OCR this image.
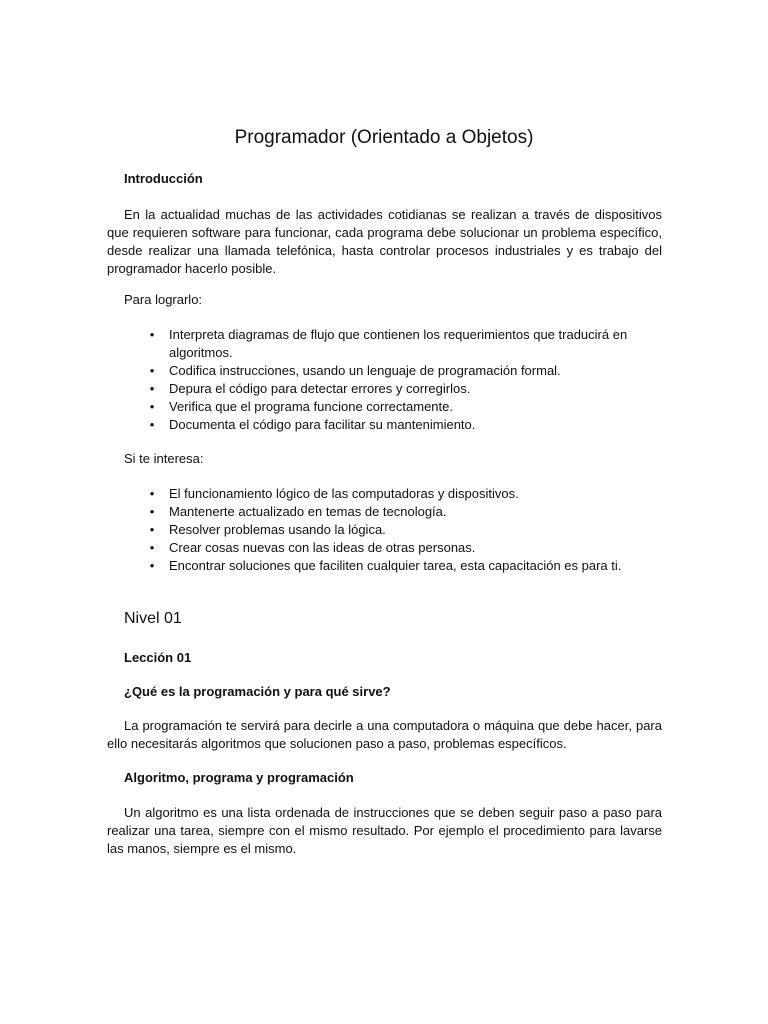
Programador (Orientado a Objetos)

Introducción

En la actualidad muchas de las actividades cotidianas se realizan a través de dispositivos que requieren software para funcionar, cada programa debe solucionar un problema específico, desde realizar una llamada telefónica, hasta controlar procesos industriales y es trabajo del programador hacerlo posible.

Para lograrlo:

• Interpreta diagramas de flujo que contienen los requerimientos que traducirá en algoritmos.
• Codifica instrucciones, usando un lenguaje de programación formal.
• Depura el código para detectar errores y corregirlos.
• Verifica que el programa funcione correctamente.
• Documenta el código para facilitar su mantenimiento.

Si te interesa:

• El funcionamiento lógico de las computadoras y dispositivos.
• Mantenerte actualizado en temas de tecnología.
• Resolver problemas usando la lógica.
• Crear cosas nuevas con las ideas de otras personas.
• Encontrar soluciones que faciliten cualquier tarea, esta capacitación es para ti.
Nivel 01

Lección 01

¿Qué es la programación y para qué sirve?

La programación te servirá para decirle a una computadora o máquina que debe hacer, para ello necesitarás algoritmos que solucionen paso a paso, problemas específicos.

Algoritmo, programa y programación

Un algoritmo es una lista ordenada de instrucciones que se deben seguir paso a paso para realizar una tarea, siempre con el mismo resultado. Por ejemplo el procedimiento para lavarse las manos, siempre es el mismo.
